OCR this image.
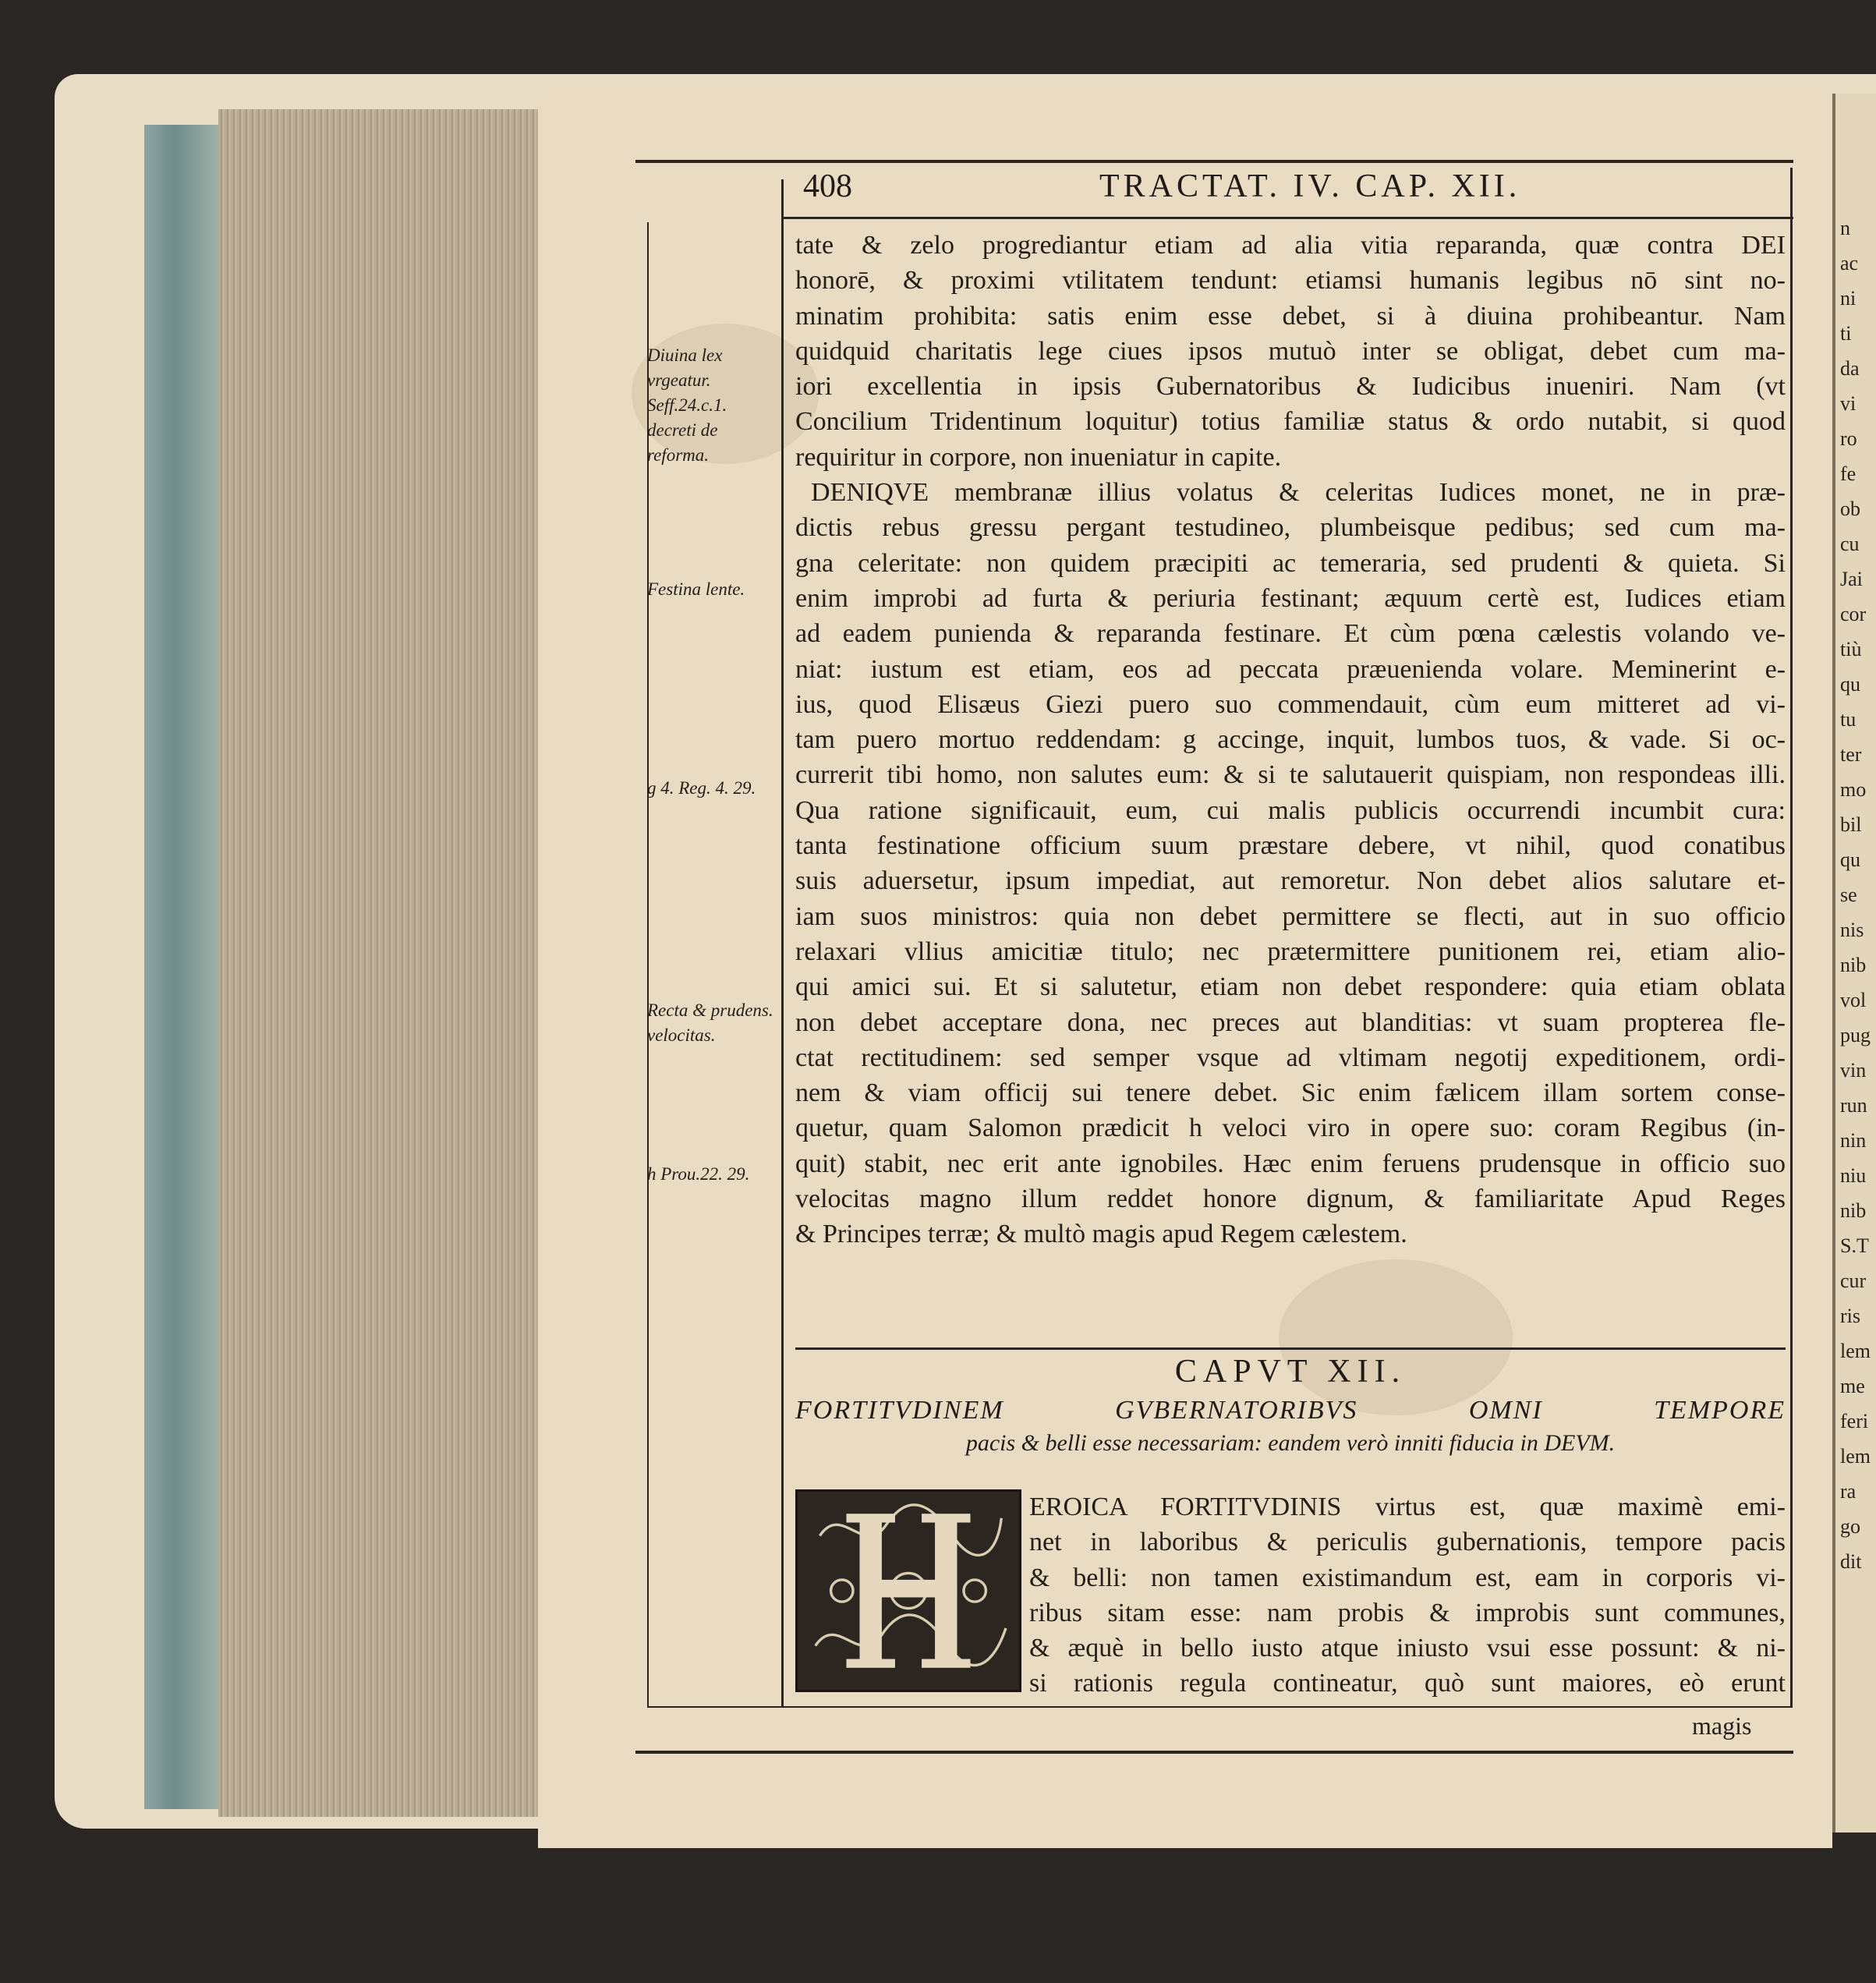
n
ac
ni
ti
da
vi
ro
fe
ob
cu
Jai
cor
tiù
qu
tu
ter
mo
bil
qu
se
nis
nib
vol
pug
vin
run
nin
niu
nib
S.T
cur
ris
lem
me
feri
lem
ra
go
dit
408	TRACTAT. IV. CAP. XII.
Diuina lex vrgeatur. Seff.24.c.1. decreti de reforma.
Festina lente.
g 4. Reg. 4. 29.
Recta & prudens. velocitas.
h Prou.22. 29.
tate & zelo progrediantur etiam ad alia vitia reparanda, quæ contra DEI
honorē, & proximi vtilitatem tendunt: etiamsi humanis legibus nō sint no-
minatim prohibita: satis enim esse debet, si à diuina prohibeantur. Nam
quidquid charitatis lege ciues ipsos mutuò inter se obligat, debet cum ma-
iori excellentia in ipsis Gubernatoribus & Iudicibus inueniri. Nam (vt
Concilium Tridentinum loquitur) totius familiæ status & ordo nutabit, si quod
requiritur in corpore, non inueniatur in capite.
DENIQVE membranæ illius volatus & celeritas Iudices monet, ne in præ-
dictis rebus gressu pergant testudineo, plumbeisque pedibus; sed cum ma-
gna celeritate: non quidem præcipiti ac temeraria, sed prudenti & quieta. Si
enim improbi ad furta & periuria festinant; æquum certè est, Iudices etiam
ad eadem punienda & reparanda festinare. Et cùm pœna cælestis volando ve-
niat: iustum est etiam, eos ad peccata præuenienda volare. Meminerint e-
ius, quod Elisæus Giezi puero suo commendauit, cùm eum mitteret ad vi-
tam puero mortuo reddendam: g accinge, inquit, lumbos tuos, & vade. Si oc-
currerit tibi homo, non salutes eum: & si te salutauerit quispiam, non respondeas illi.
Qua ratione significauit, eum, cui malis publicis occurrendi incumbit cura:
tanta festinatione officium suum præstare debere, vt nihil, quod conatibus
suis aduersetur, ipsum impediat, aut remoretur. Non debet alios salutare et-
iam suos ministros: quia non debet permittere se flecti, aut in suo officio
relaxari vllius amicitiæ titulo; nec prætermittere punitionem rei, etiam alio-
qui amici sui. Et si salutetur, etiam non debet respondere: quia etiam oblata
non debet acceptare dona, nec preces aut blanditias: vt suam propterea fle-
ctat rectitudinem: sed semper vsque ad vltimam negotij expeditionem, ordi-
nem & viam officij sui tenere debet. Sic enim fælicem illam sortem conse-
quetur, quam Salomon prædicit h veloci viro in opere suo: coram Regibus (in-
quit) stabit, nec erit ante ignobiles. Hæc enim feruens prudensque in officio suo
velocitas magno illum reddet honore dignum, & familiaritate Apud Reges
& Principes terræ; & multò magis apud Regem cælestem.
CAPVT XII.
FORTITVDINEM GVBERNATORIBVS OMNI TEMPORE
pacis & belli esse necessariam: eandem verò inniti fiducia in DEVM.
EROICA FORTITVDINIS virtus est, quæ maximè emi-
net in laboribus & periculis gubernationis, tempore pacis
& belli: non tamen existimandum est, eam in corporis vi-
ribus sitam esse: nam probis & improbis sunt communes,
& æquè in bello iusto atque iniusto vsui esse possunt: & ni-
si rationis regula contineatur, quò sunt maiores, eò erunt
magis
